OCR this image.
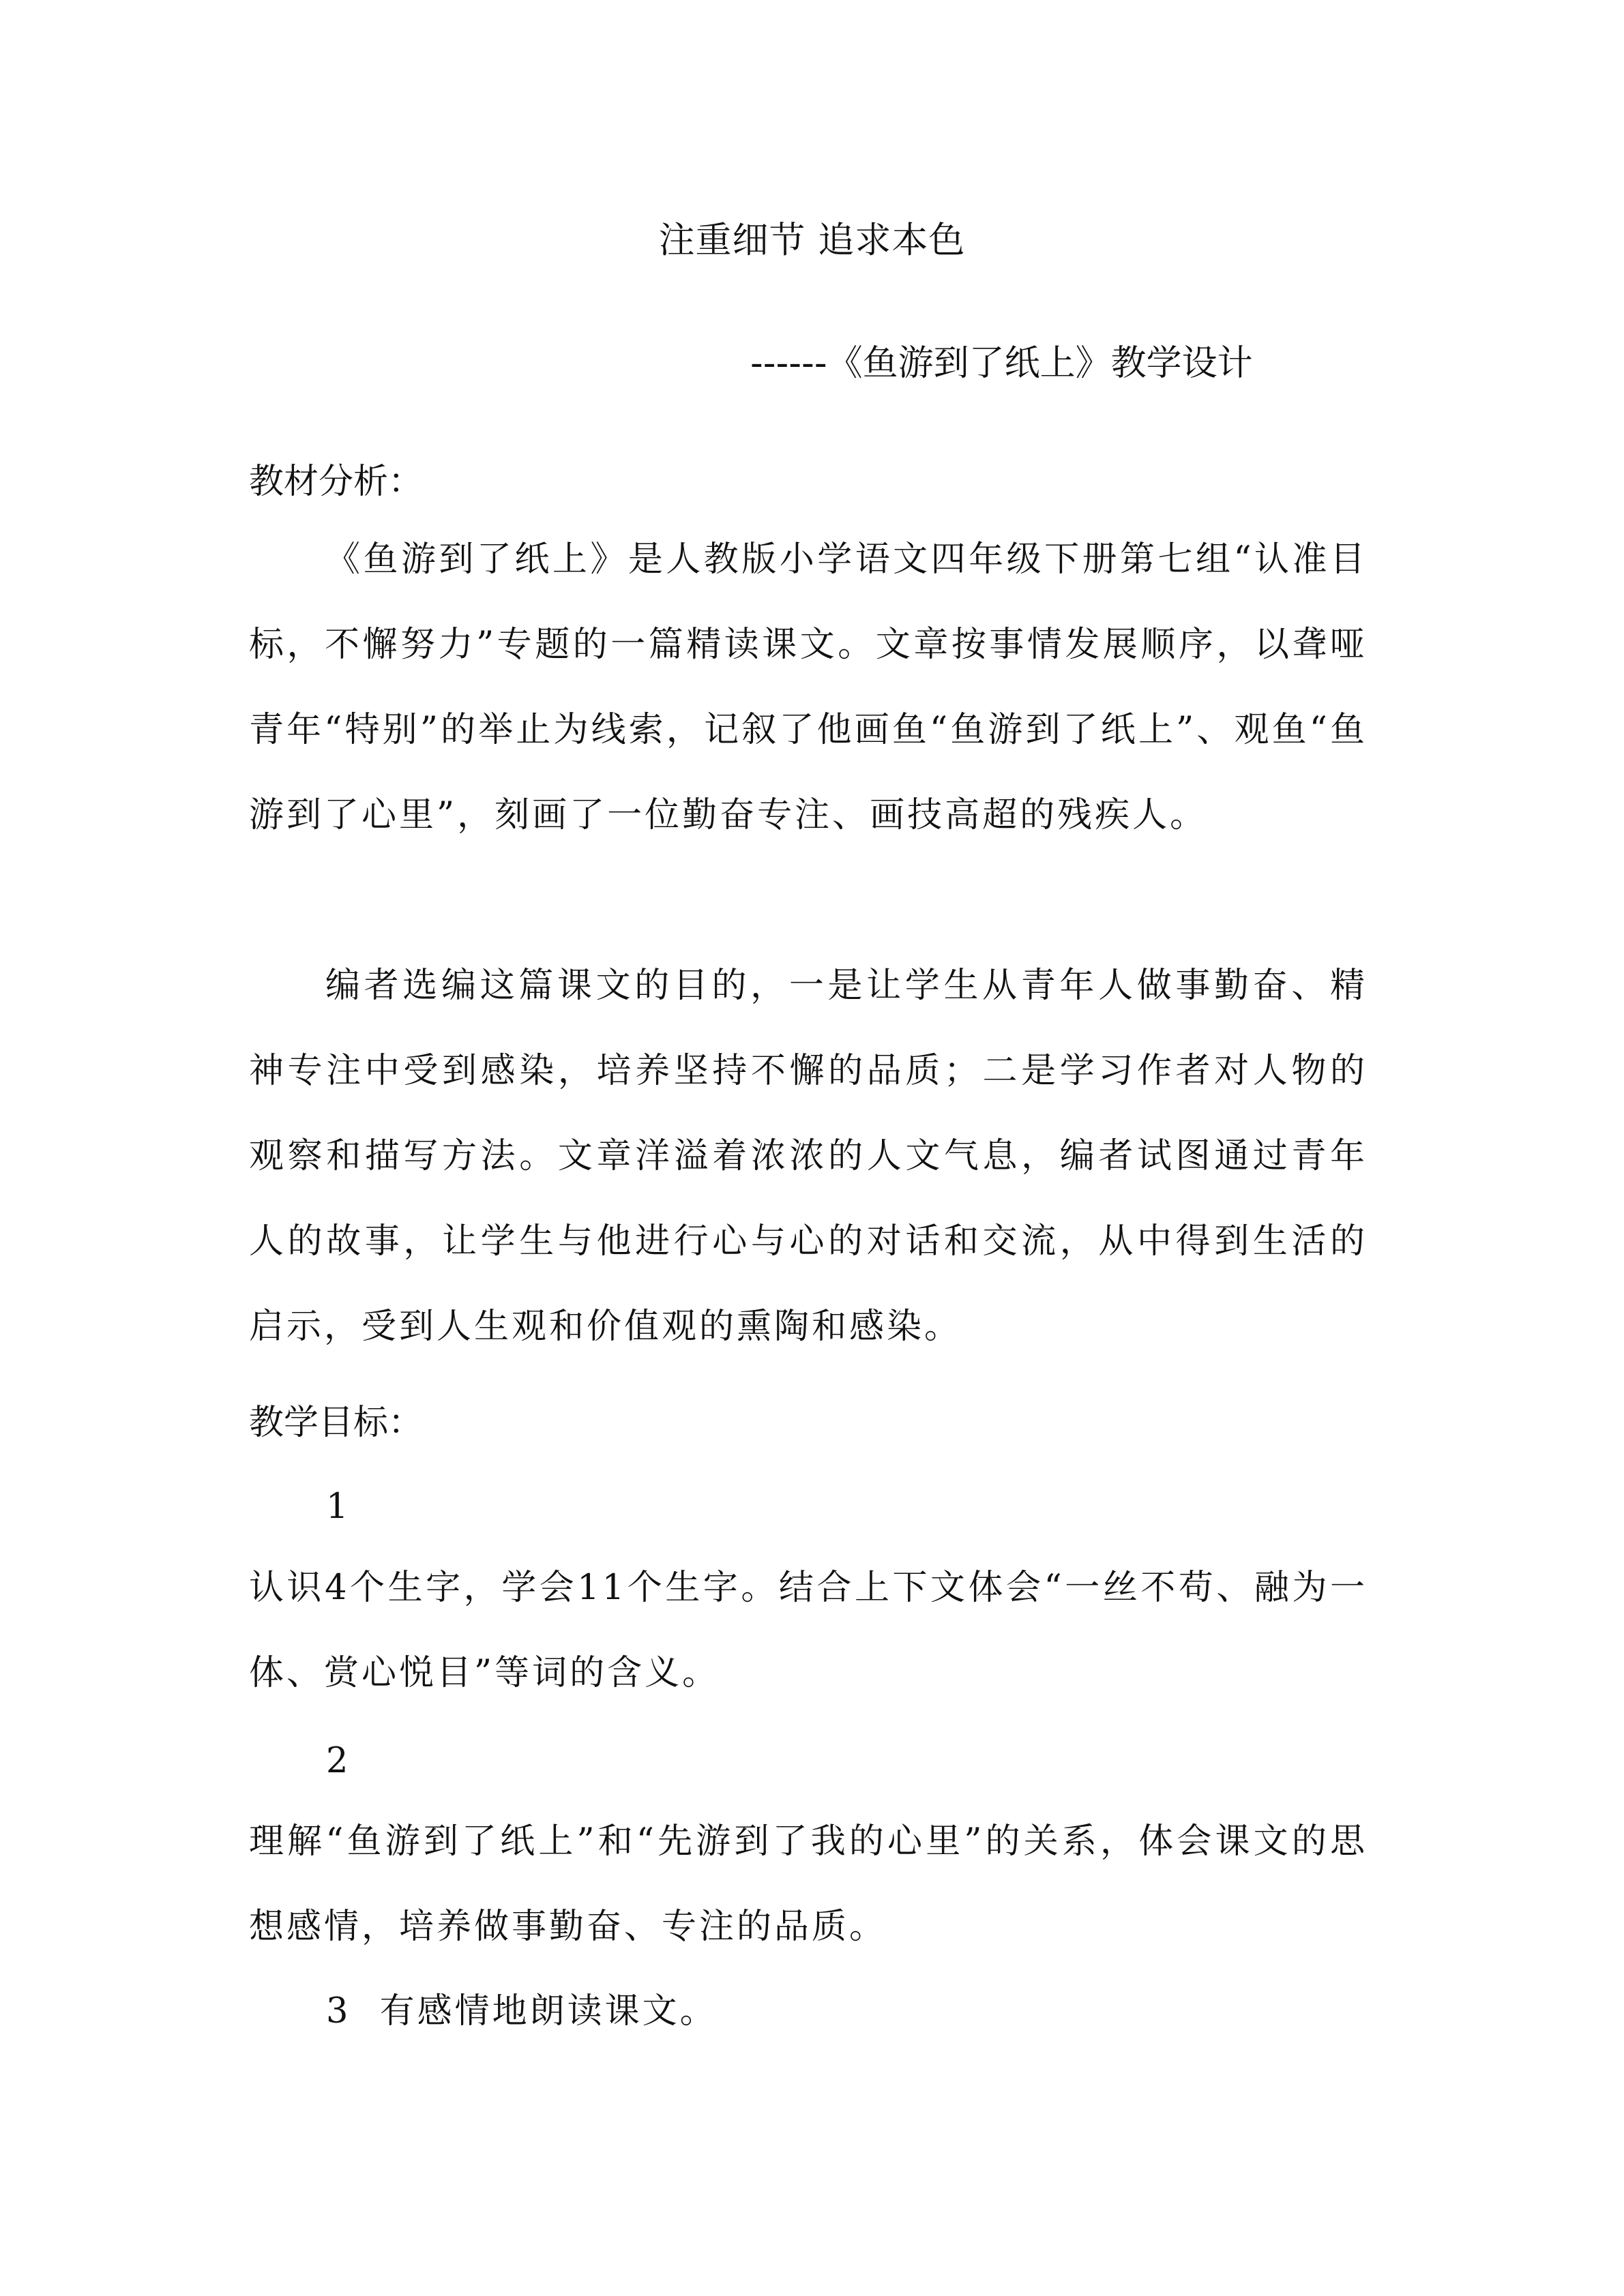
注重细节 追求本色
------《鱼游到了纸上》教学设计
教材分析：

《鱼游到了纸上》是人教版小学语文四年级下册第七组“认准目标，不懈努力”专题的一篇精读课文。文章按事情发展顺序，以聋哑青年“特别”的举止为线索，记叙了他画鱼“鱼游到了纸上”、观鱼“鱼游到了心里”，刻画了一位勤奋专注、画技高超的残疾人。

编者选编这篇课文的目的，一是让学生从青年人做事勤奋、精神专注中受到感染，培养坚持不懈的品质；二是学习作者对人物的观察和描写方法。文章洋溢着浓浓的人文气息，编者试图通过青年人的故事，让学生与他进行心与心的对话和交流，从中得到生活的启示，受到人生观和价值观的熏陶和感染。

教学目标：
1

认识4个生字，学会11个生字。结合上下文体会“一丝不苟、融为一体、赏心悦目”等词的含义。

2

理解“鱼游到了纸上”和“先游到了我的心里”的关系，体会课文的思想感情，培养做事勤奋、专注的品质。

3 有感情地朗读课文。
